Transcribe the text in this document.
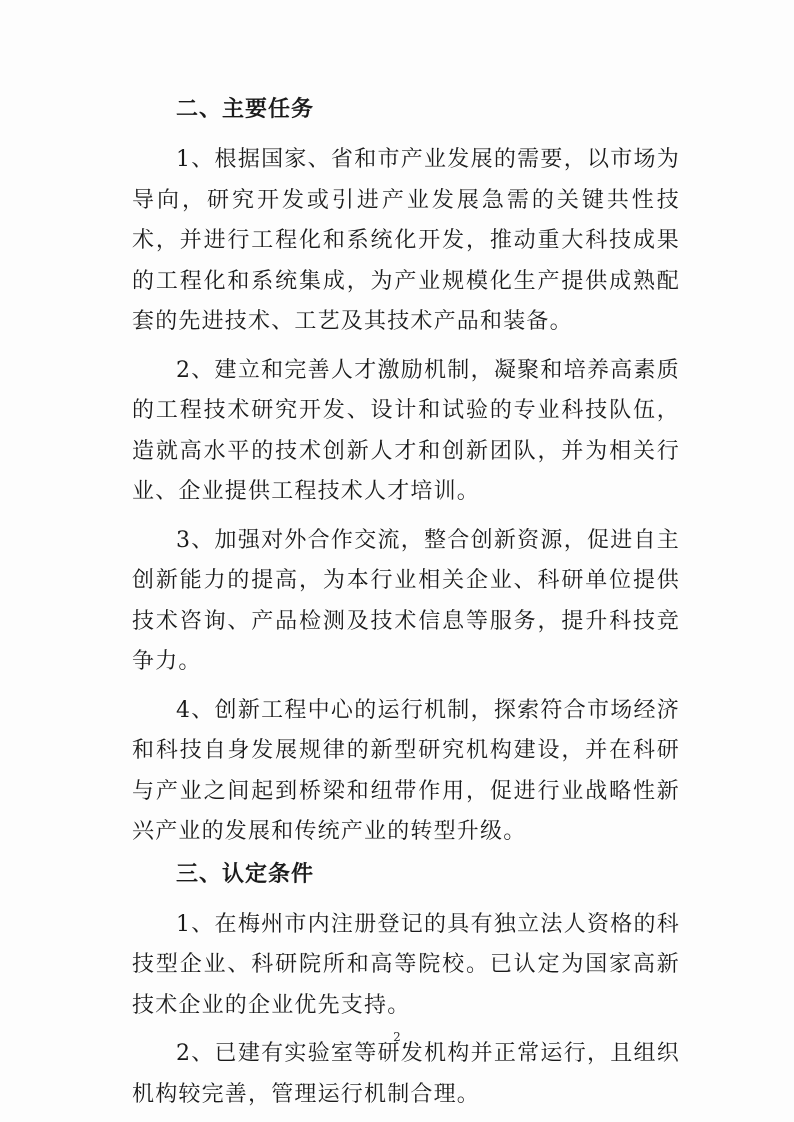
二、主要任务

1、根据国家、省和市产业发展的需要，以市场为导向，研究开发或引进产业发展急需的关键共性技术，并进行工程化和系统化开发，推动重大科技成果的工程化和系统集成，为产业规模化生产提供成熟配套的先进技术、工艺及其技术产品和装备。

2、建立和完善人才激励机制，凝聚和培养高素质的工程技术研究开发、设计和试验的专业科技队伍，造就高水平的技术创新人才和创新团队，并为相关行业、企业提供工程技术人才培训。

3、加强对外合作交流，整合创新资源，促进自主创新能力的提高，为本行业相关企业、科研单位提供技术咨询、产品检测及技术信息等服务，提升科技竞争力。

4、创新工程中心的运行机制，探索符合市场经济和科技自身发展规律的新型研究机构建设，并在科研与产业之间起到桥梁和纽带作用，促进行业战略性新兴产业的发展和传统产业的转型升级。

三、认定条件

1、在梅州市内注册登记的具有独立法人资格的科技型企业、科研院所和高等院校。已认定为国家高新技术企业的企业优先支持。

2、已建有实验室等研发机构并正常运行，且组织机构较完善，管理运行机制合理。

2
